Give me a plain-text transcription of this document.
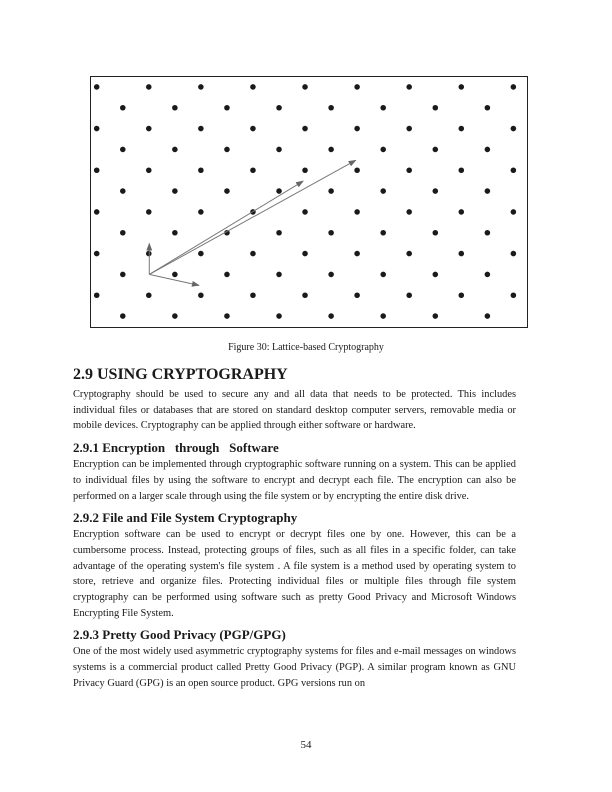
Figure 30: Lattice-based Cryptography
2.9 USING CRYPTOGRAPHY

Cryptography should be used to secure any and all data that needs to be protected. This includes individual files or databases that are stored on standard desktop computer servers, removable media or mobile devices. Cryptography can be applied through either software or hardware.

2.9.1 Encryption   through   Software

Encryption can be implemented through cryptographic software running on a system. This can be applied to individual files by using the software to encrypt and decrypt each file. The encryption can also be performed on a larger scale through using the file system or by encrypting the entire disk drive.

2.9.2 File and File System Cryptography

Encryption software can be used to encrypt or decrypt files one by one. However, this can be a cumbersome process. Instead, protecting groups of files, such as all files in a specific folder, can take advantage of the operating system's file system . A file system is a method used by operating system to store, retrieve and organize files. Protecting individual files or multiple files through file system cryptography can be performed using software such as pretty Good Privacy and Microsoft Windows Encrypting File System.

2.9.3 Pretty Good Privacy (PGP/GPG)

One of the most widely used asymmetric cryptography systems for files and e-mail messages on windows systems is a commercial product called Pretty Good Privacy (PGP). A similar program known as GNU Privacy Guard (GPG) is an open source product. GPG versions run on

54
